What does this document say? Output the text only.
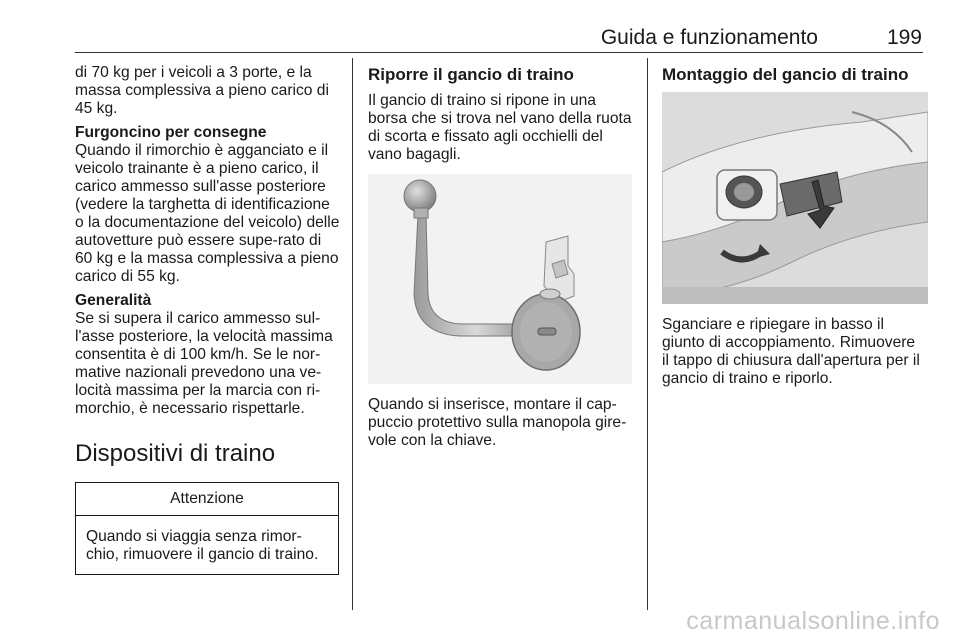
Guida e funzionamento	199

di 70 kg per i veicoli a 3 porte, e la massa complessiva a pieno carico di 45 kg.

Furgoncino per consegne

Quando il rimorchio è agganciato e il veicolo trainante è a pieno carico, il carico ammesso sull'asse posteriore (vedere la targhetta di identificazione o la documentazione del veicolo) delle autovetture può essere supe-rato di 60 kg e la massa complessiva a pieno carico di 55 kg.

Generalità

Se si supera il carico ammesso sul-l'asse posteriore, la velocità massima consentita è di 100 km/h. Se le nor-mative nazionali prevedono una ve-locità massima per la marcia con ri-morchio, è necessario rispettarle.

Dispositivi di traino
Attenzione
Quando si viaggia senza rimor-chio, rimuovere il gancio di traino.
Riporre il gancio di traino

Il gancio di traino si ripone in una borsa che si trova nel vano della ruota di scorta e fissato agli occhielli del vano bagagli.

Quando si inserisce, montare il cap-puccio protettivo sulla manopola gire-vole con la chiave.

Montaggio del gancio di traino

Sganciare e ripiegare in basso il giunto di accoppiamento. Rimuovere il tappo di chiusura dall'apertura per il gancio di traino e riporlo.

carmanualsonline.info
